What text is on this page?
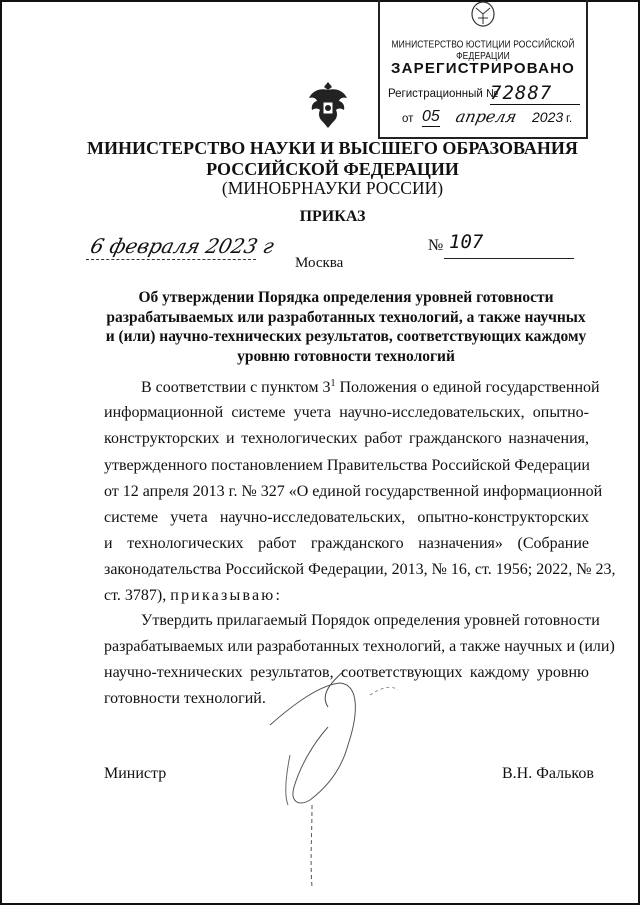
МИНИСТЕРСТВО ЮСТИЦИИ РОССИЙСКОЙ ФЕДЕРАЦИИ
ЗАРЕГИСТРИРОВАНО
Регистрационный №
72887
от 05 апреля 2023 г.
МИНИСТЕРСТВО НАУКИ И ВЫСШЕГО ОБРАЗОВАНИЯ
РОССИЙСКОЙ ФЕДЕРАЦИИ
(МИНОБРНАУКИ РОССИИ)
ПРИКАЗ
6 февраля 2023 г	№ 107
Москва
Об утверждении Порядка определения уровней готовности
разрабатываемых или разработанных технологий, а также научных
и (или) научно-технических результатов, соответствующих каждому
уровню готовности технологий
В соответствии с пунктом $3^1$ Положения о единой государственной
информационной системе учета научно-исследовательских, опытно-
конструкторских и технологических работ гражданского назначения,
утвержденного постановлением Правительства Российской Федерации
от 12 апреля 2013 г. № 327 «О единой государственной информационной
системе учета научно-исследовательских, опытно-конструкторских
и технологических работ гражданского назначения» (Собрание
законодательства Российской Федерации, 2013, № 16, ст. 1956; 2022, № 23,
ст. 3787), приказываю:
Утвердить прилагаемый Порядок определения уровней готовности
разрабатываемых или разработанных технологий, а также научных и (или)
научно-технических результатов, соответствующих каждому уровню
готовности технологий.
Министр	В.Н. Фальков
